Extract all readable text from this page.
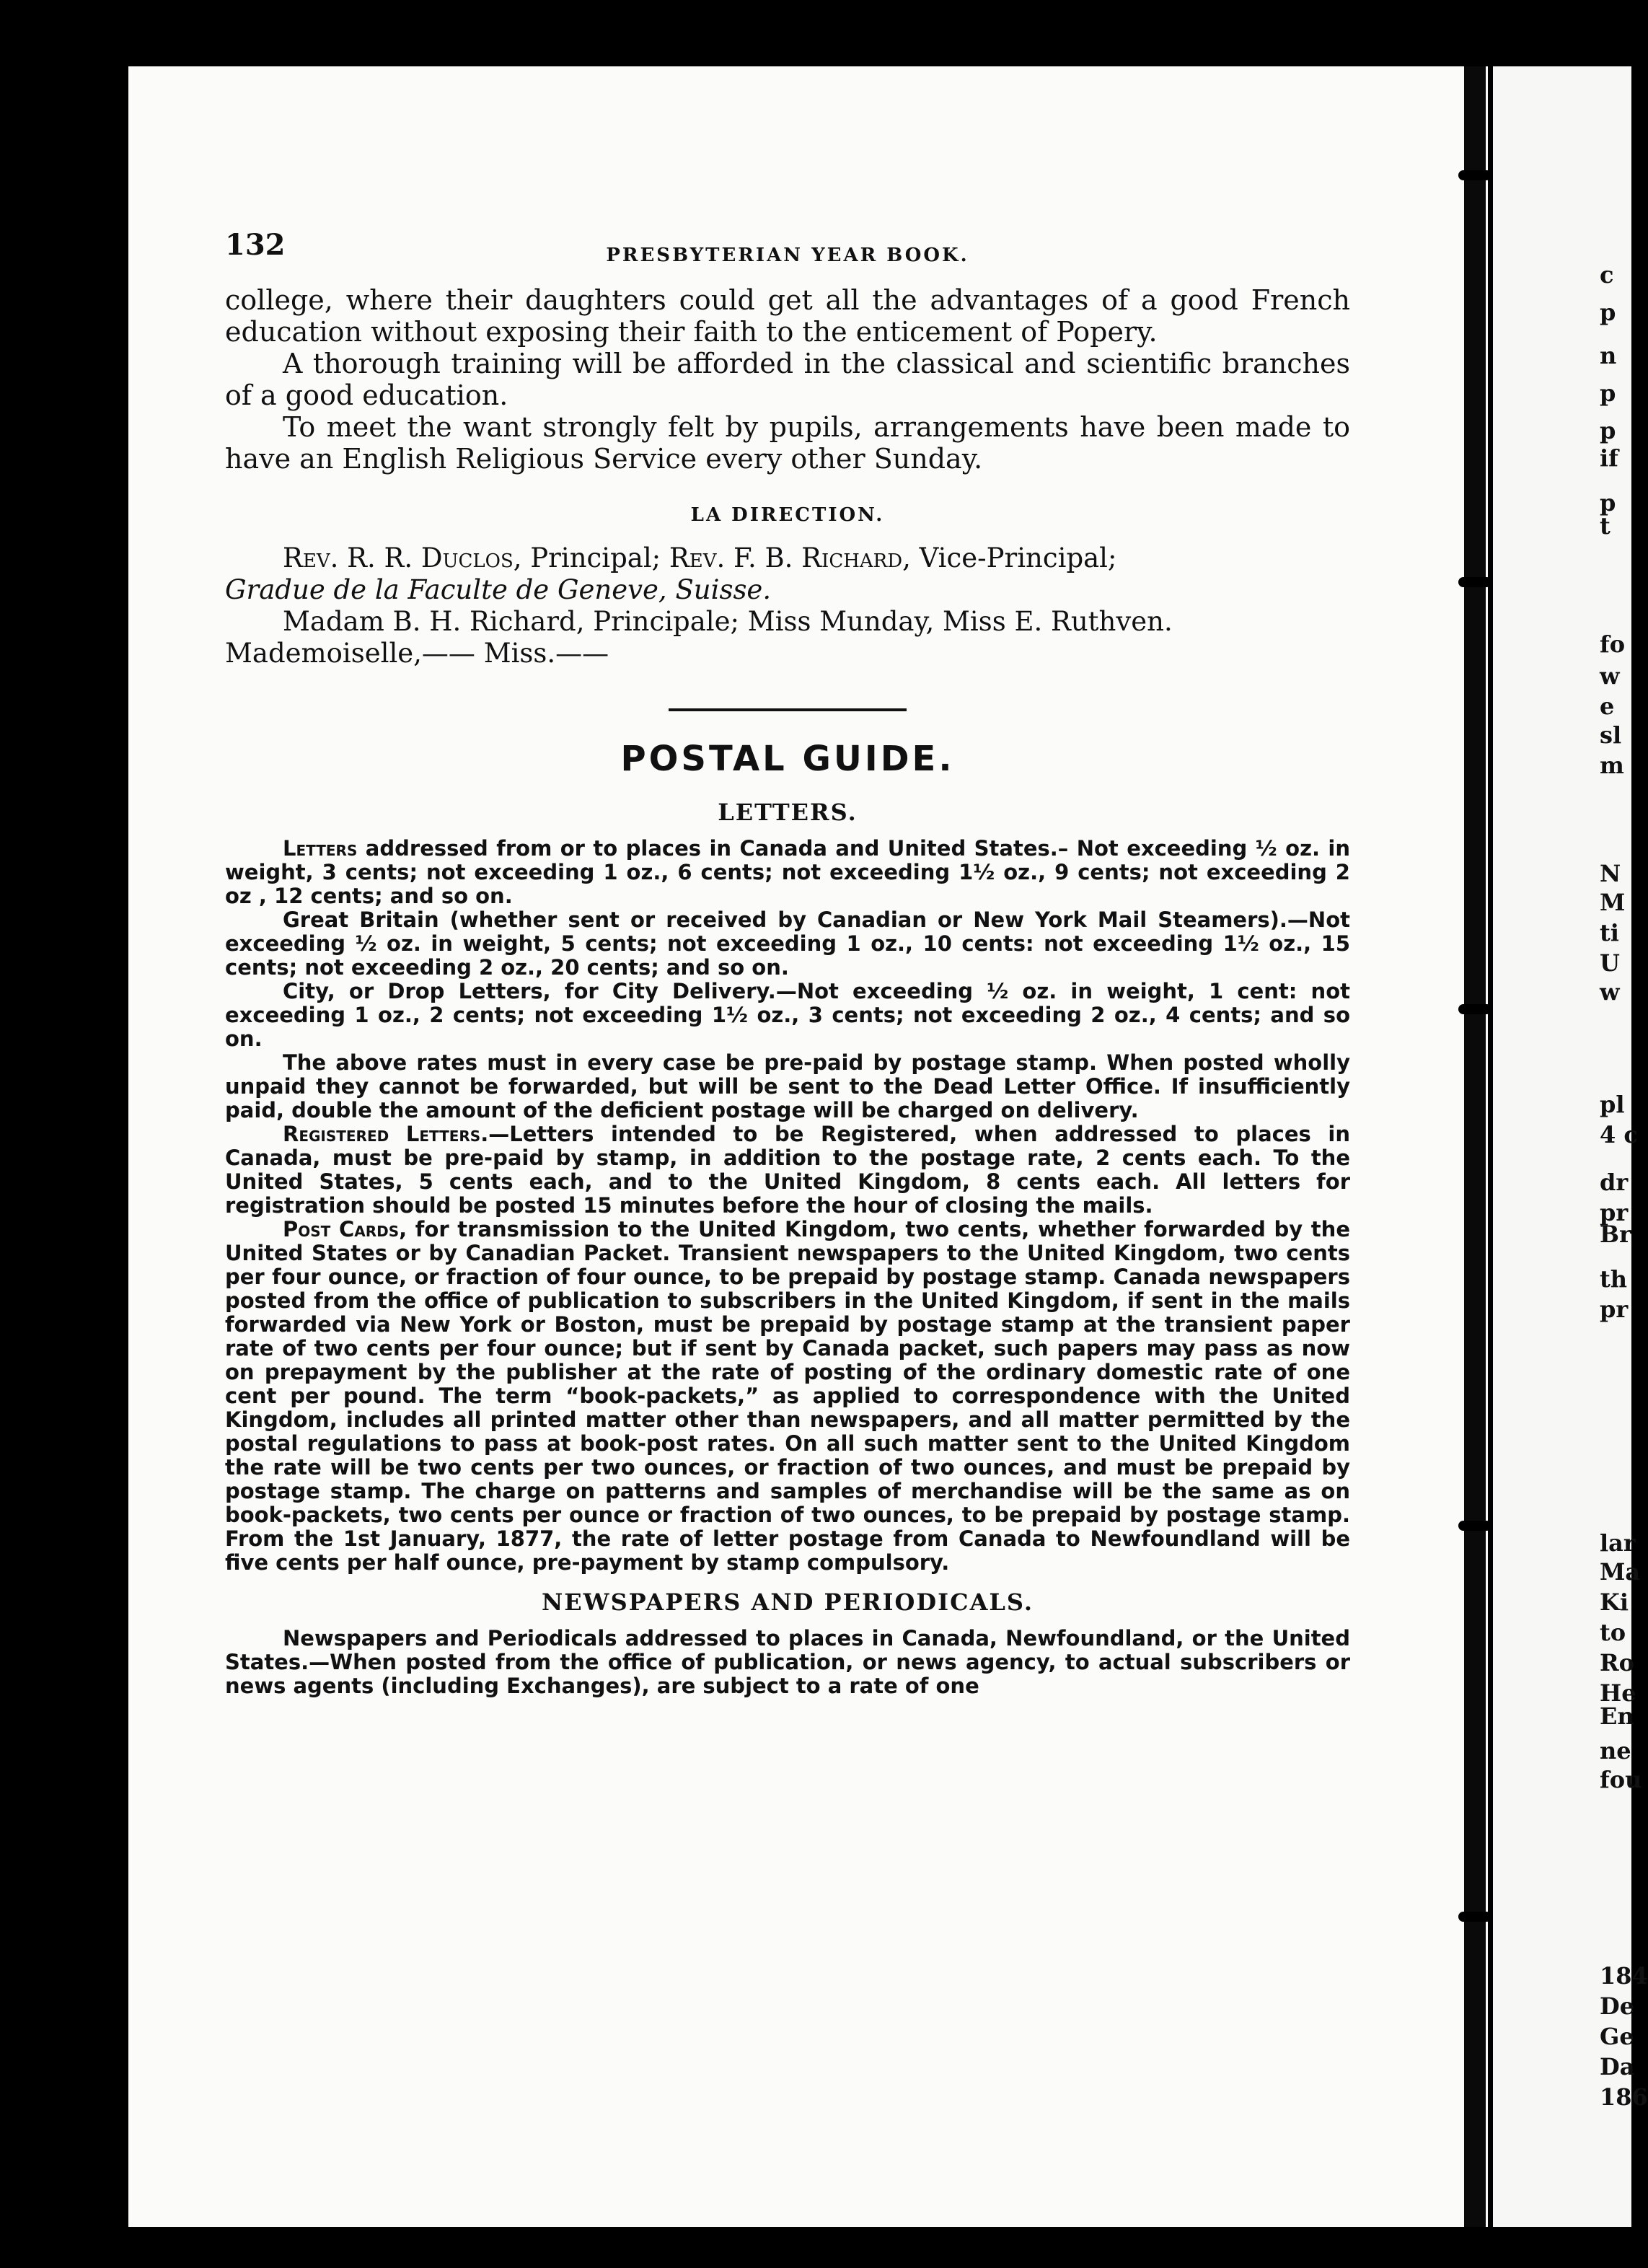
c
p
n
p
p
if
p
t
fo
w
e
sl
m
N
M
ti
U
w
pl
4 c
dr
pr
Br
th
pr
lar
Ma
Ki
to
Ro
He
En
ne
fou
184
De
Ge
Da
186
132	PRESBYTERIAN YEAR BOOK.

college, where their daughters could get all the advantages of a good French education without exposing their faith to the enticement of Popery.

A thorough training will be afforded in the classical and scientific branches of a good education.

To meet the want strongly felt by pupils, arrangements have been made to have an English Religious Service every other Sunday.

LA DIRECTION.

Rev. R. R. Duclos, Principal; Rev. F. B. Richard, Vice-Principal;

Gradue de la Faculte de Geneve, Suisse.

Madam B. H. Richard, Principale; Miss Munday, Miss E. Ruthven.

Mademoiselle,—— Miss.——

POSTAL GUIDE.
LETTERS.

Letters addressed from or to places in Canada and United States.– Not exceeding ½ oz. in weight, 3 cents; not exceeding 1 oz., 6 cents; not exceeding 1½ oz., 9 cents; not exceeding 2 oz , 12 cents; and so on.

Great Britain (whether sent or received by Canadian or New York Mail Steamers).—Not exceeding ½ oz. in weight, 5 cents; not exceeding 1 oz., 10 cents: not exceeding 1½ oz., 15 cents; not exceeding 2 oz., 20 cents; and so on.

City, or Drop Letters, for City Delivery.—Not exceeding ½ oz. in weight, 1 cent: not exceeding 1 oz., 2 cents; not exceeding 1½ oz., 3 cents; not exceeding 2 oz., 4 cents; and so on.

The above rates must in every case be pre-paid by postage stamp. When posted wholly unpaid they cannot be forwarded, but will be sent to the Dead Letter Office. If insufficiently paid, double the amount of the deficient postage will be charged on delivery.

Registered Letters.—Letters intended to be Registered, when addressed to places in Canada, must be pre-paid by stamp, in addition to the postage rate, 2 cents each. To the United States, 5 cents each, and to the United Kingdom, 8 cents each. All letters for registration should be posted 15 minutes before the hour of closing the mails.

Post Cards, for transmission to the United Kingdom, two cents, whether forwarded by the United States or by Canadian Packet. Transient newspapers to the United Kingdom, two cents per four ounce, or fraction of four ounce, to be prepaid by postage stamp. Canada newspapers posted from the office of publication to subscribers in the United Kingdom, if sent in the mails forwarded via New York or Boston, must be prepaid by postage stamp at the transient paper rate of two cents per four ounce; but if sent by Canada packet, such papers may pass as now on prepayment by the publisher at the rate of posting of the ordinary domestic rate of one cent per pound. The term “book-packets,” as applied to correspondence with the United Kingdom, includes all printed matter other than newspapers, and all matter permitted by the postal regulations to pass at book-post rates. On all such matter sent to the United Kingdom the rate will be two cents per two ounces, or fraction of two ounces, and must be prepaid by postage stamp. The charge on patterns and samples of merchandise will be the same as on book-packets, two cents per ounce or fraction of two ounces, to be prepaid by postage stamp. From the 1st January, 1877, the rate of letter postage from Canada to Newfoundland will be five cents per half ounce, pre-payment by stamp compulsory.

NEWSPAPERS AND PERIODICALS.

Newspapers and Periodicals addressed to places in Canada, Newfoundland, or the United States.—When posted from the office of publication, or news agency, to actual subscribers or news agents (including Exchanges), are subject to a rate of one
